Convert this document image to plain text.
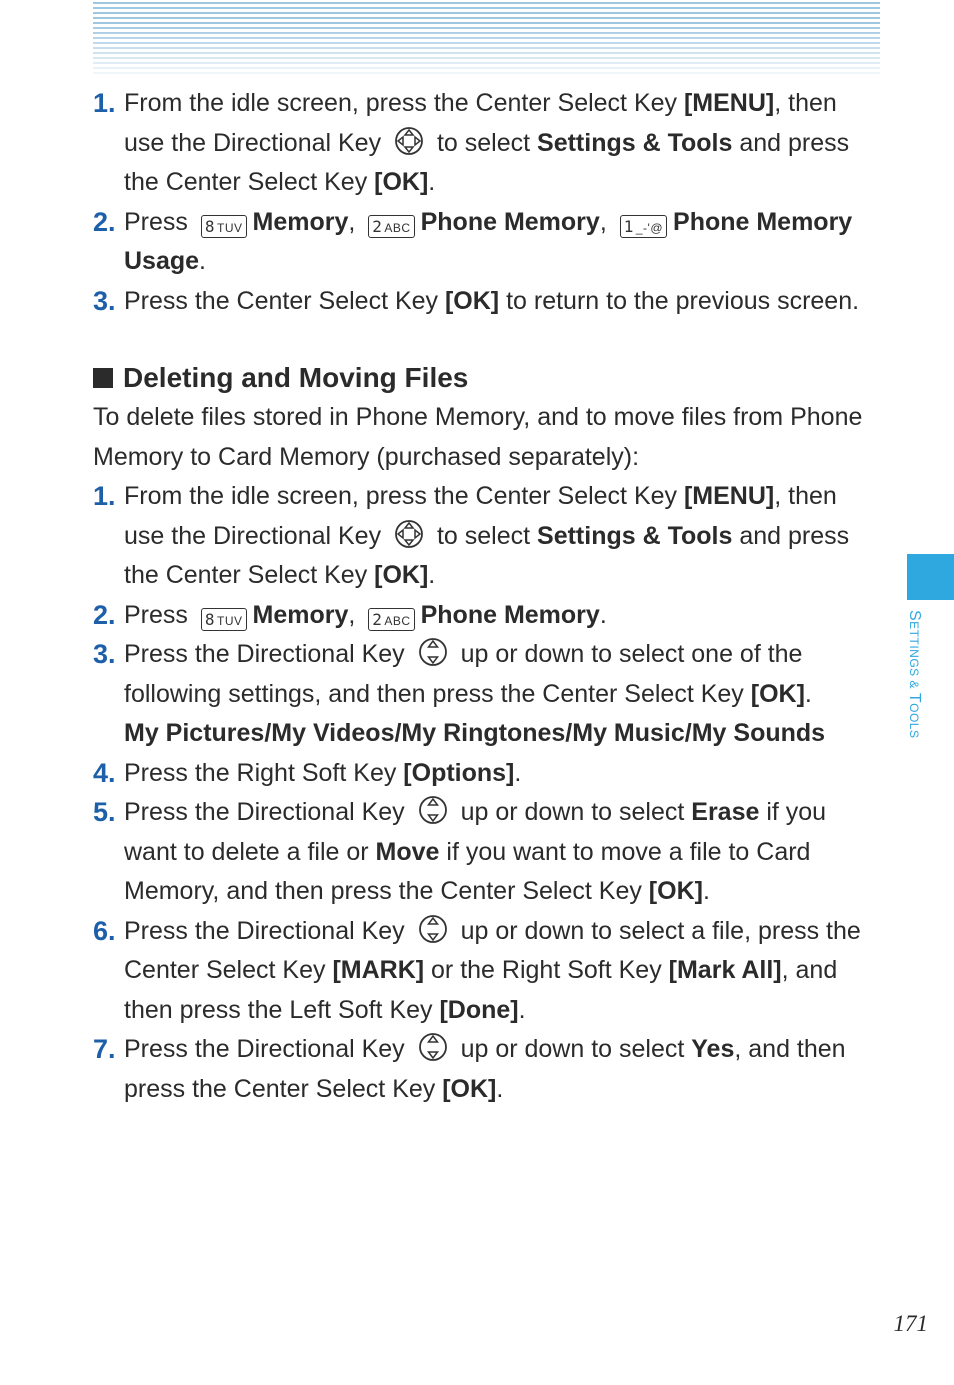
1. From the idle screen, press the Center Select Key [MENU], then use the Directional Key  to select Settings & Tools and press the Center Select Key [OK].
2. Press 8 TUV Memory, 2 ABC Phone Memory, 1 _-'@ Phone Memory Usage.
3. Press the Center Select Key [OK] to return to the previous screen.
Deleting and Moving Files
To delete files stored in Phone Memory, and to move files from Phone Memory to Card Memory (purchased separately):
1. From the idle screen, press the Center Select Key [MENU], then use the Directional Key  to select Settings & Tools and press the Center Select Key [OK].
2. Press 8 TUV Memory, 2 ABC Phone Memory.
3. Press the Directional Key  up or down to select one of the following settings, and then press the Center Select Key [OK].
My Pictures/My Videos/My Ringtones/My Music/My Sounds
4. Press the Right Soft Key [Options].
5. Press the Directional Key  up or down to select Erase if you want to delete a file or Move if you want to move a file to Card Memory, and then press the Center Select Key [OK].
6. Press the Directional Key  up or down to select a file, press the Center Select Key [MARK] or the Right Soft Key [Mark All], and then press the Left Soft Key [Done].
7. Press the Directional Key  up or down to select Yes, and then press the Center Select Key [OK].
SETTINGS & TOOLS
171
